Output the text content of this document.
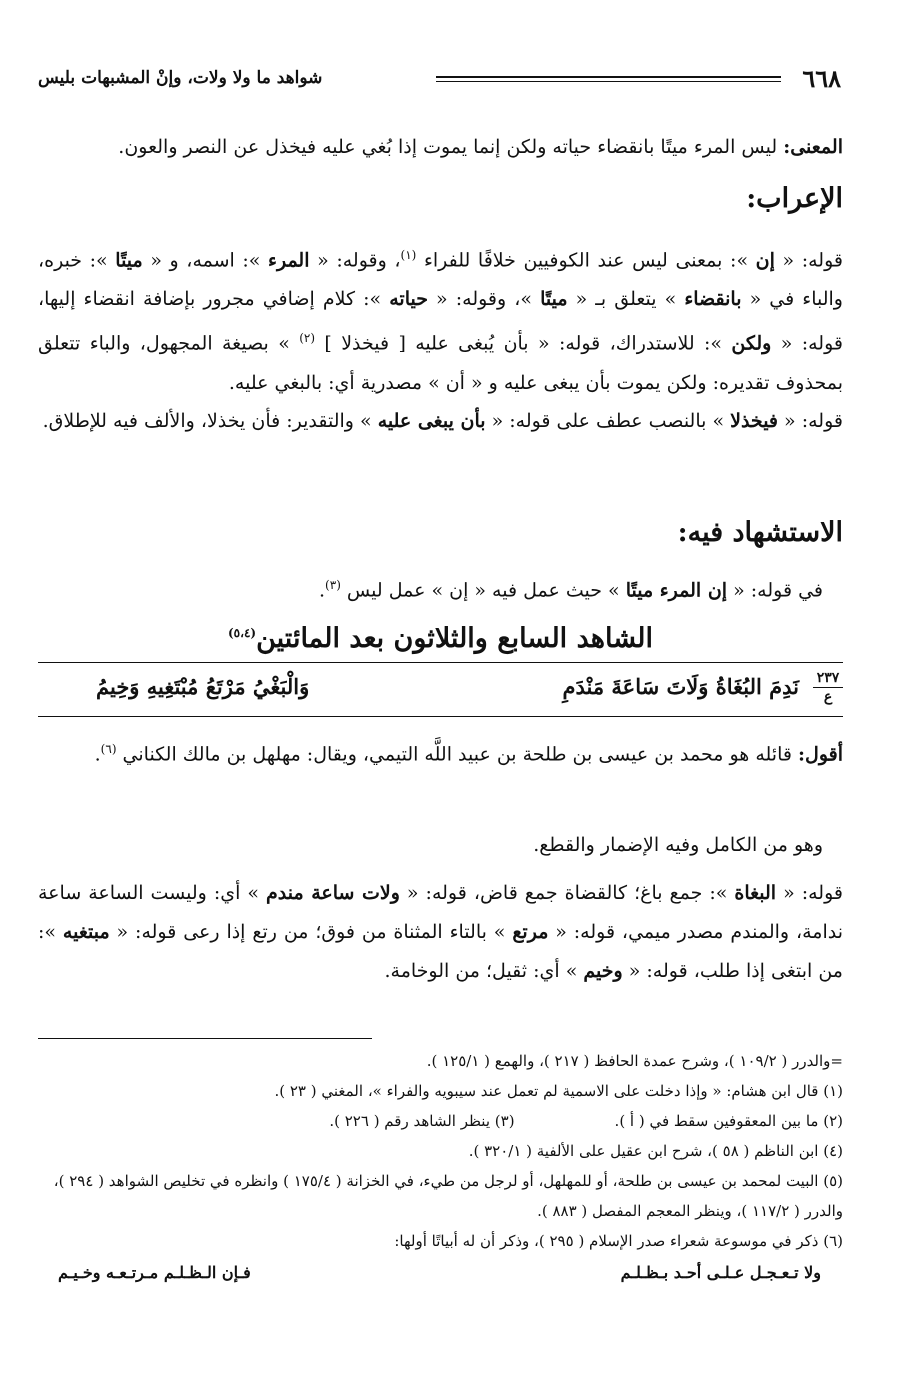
٦٦٨
شواهد ما ولا ولات، وإنْ المشبهات بليس

المعنى: ليس المرء ميتًا بانقضاء حياته ولكن إنما يموت إذا بُغي عليه فيخذل عن النصر والعون.

الإعراب:

قوله: « إن »: بمعنى ليس عند الكوفيين خلافًا للفراء $^{(١)}$، وقوله: « المرء »: اسمه، و « ميتًا »: خبره، والباء في « بانقضاء » يتعلق بـ « ميتًا »، وقوله: « حياته »: كلام إضافي مجرور بإضافة انقضاء إليها، قوله: « ولكن »: للاستدراك، قوله: « بأن يُبغى عليه [ فيخذلا ] $^{(٢)}$ » بصيغة المجهول، والباء تتعلق بمحذوف تقديره: ولكن يموت بأن يبغى عليه و « أن » مصدرية أي: بالبغي عليه.

قوله: « فيخذلا » بالنصب عطف على قوله: « بأن يبغى عليه » والتقدير: فأن يخذلا، والألف فيه للإطلاق.

الاستشهاد فيه:

في قوله: « إن المرء ميتًا » حيث عمل فيه « إن » عمل ليس $^{(٣)}$.

الشاهد السابع والثلاثون بعد المائتين$^{(٥،٤)}$
٢٣٧
ع
نَدِمَ البُغَاةُ وَلَاتَ سَاعَةَ مَنْدَمِ
وَالْبَغْيُ مَرْتَعُ مُبْتَغِيهِ وَخِيمُ

أقول: قائله هو محمد بن عيسى بن طلحة بن عبيد اللَّه التيمي، ويقال: مهلهل بن مالك الكناني $^{(٦)}$.

وهو من الكامل وفيه الإضمار والقطع.

قوله: « البغاة »: جمع باغ؛ كالقضاة جمع قاض، قوله: « ولات ساعة مندم » أي: وليست الساعة ساعة ندامة، والمندم مصدر ميمي، قوله: « مرتع » بالتاء المثناة من فوق؛ من رتع إذا رعى قوله: « مبتغيه »: من ابتغى إذا طلب، قوله: « وخيم » أي: ثقيل؛ من الوخامة.

=والدرر ( ١٠٩/٢ )، وشرح عمدة الحافظ ( ٢١٧ )، والهمع ( ١٢٥/١ ).

(١) قال ابن هشام: « وإذا دخلت على الاسمية لم تعمل عند سيبويه والفراء »، المغني ( ٢٣ ).

(٢) ما بين المعقوفين سقط في ( أ ).
(٣) ينظر الشاهد رقم ( ٢٢٦ ).

(٤) ابن الناظم ( ٥٨ )، شرح ابن عقيل على الألفية ( ٣٢٠/١ ).

(٥) البيت لمحمد بن عيسى بن طلحة، أو للمهلهل، أو لرجل من طيء، في الخزانة ( ١٧٥/٤ ) وانظره في تخليص الشواهد ( ٢٩٤ )، والدرر ( ١١٧/٢ )، وينظر المعجم المفصل ( ٨٨٣ ).

(٦) ذكر في موسوعة شعراء صدر الإسلام ( ٢٩٥ )، وذكر أن له أبياتًا أولها:

ولا تـعـجـل عـلـى أحـد بـظـلـم
فـإن الـظـلـم مـرتـعـه وخـيـم
